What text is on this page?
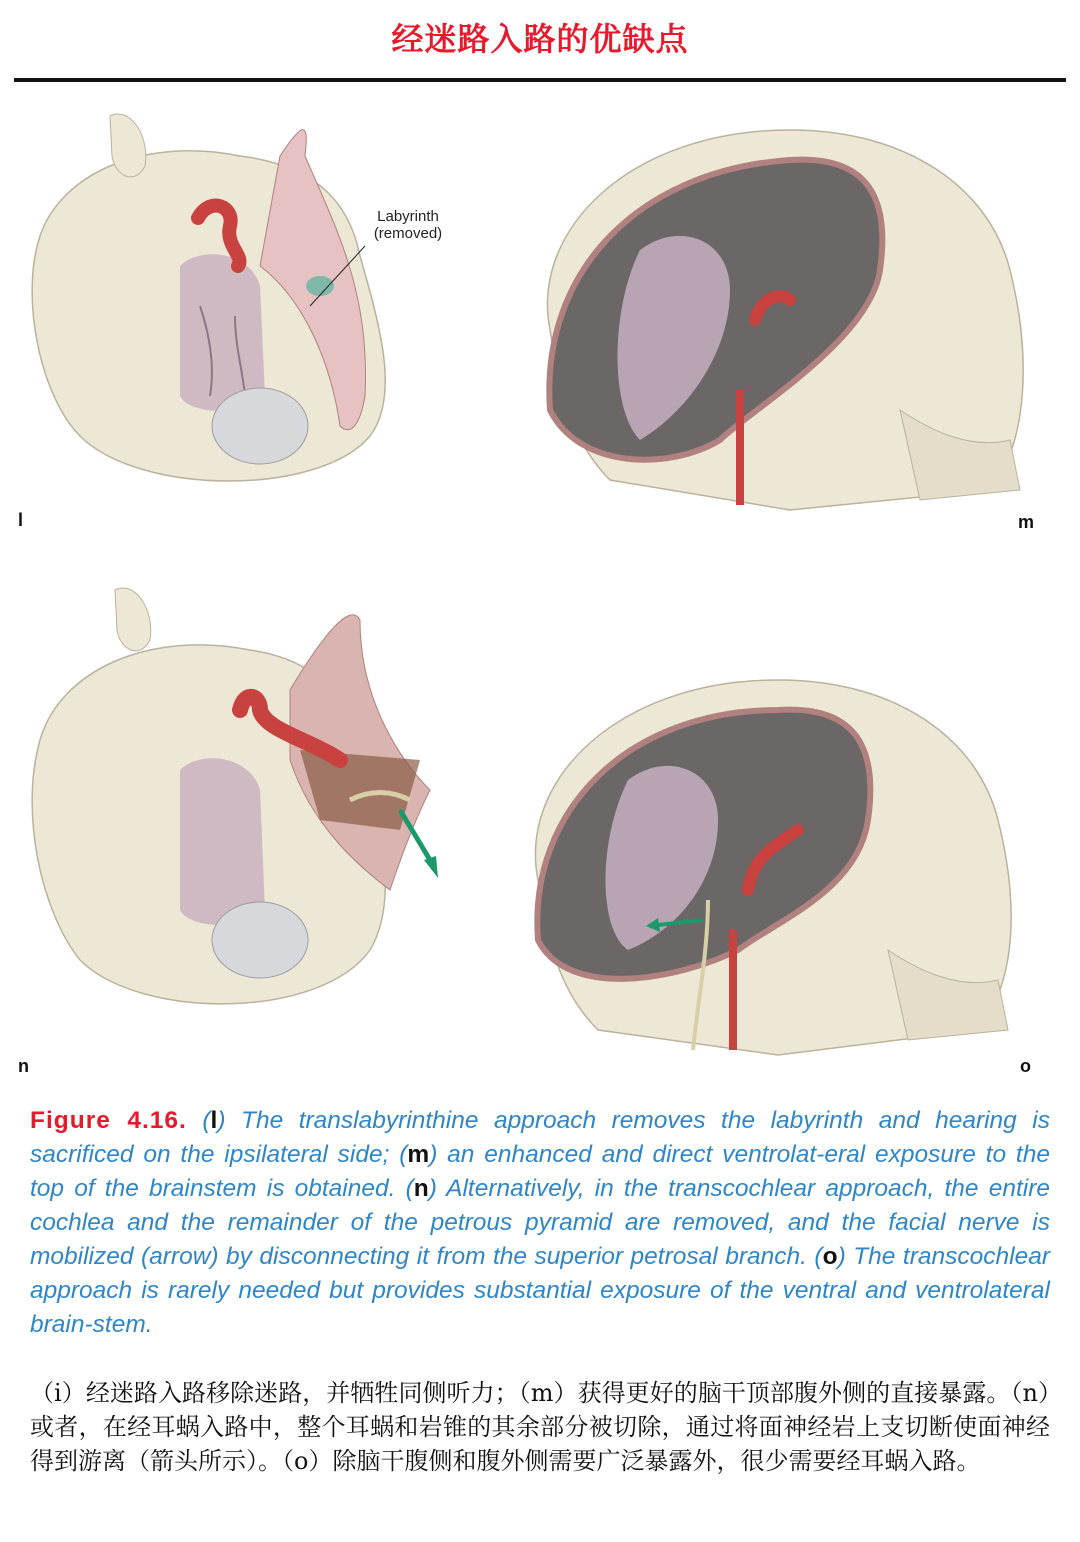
经迷路入路的优缺点
Labyrinth
(removed)
l	m
n	o
Figure 4.16. (l) The translabyrinthine approach removes the labyrinth and hearing is sacrificed on the ipsilateral side; (m) an enhanced and direct ventrolat-eral exposure to the top of the brainstem is obtained. (n) Alternatively, in the transcochlear approach, the entire cochlea and the remainder of the petrous pyramid are removed, and the facial nerve is mobilized (arrow) by disconnecting it from the superior petrosal branch. (o) The transcochlear approach is rarely needed but provides substantial exposure of the ventral and ventrolateral brain-stem.
（i）经迷路入路移除迷路，并牺牲同侧听力；（m）获得更好的脑干顶部腹外侧的直接暴露。（n）或者，在经耳蜗入路中，整个耳蜗和岩锥的其余部分被切除，通过将面神经岩上支切断使面神经得到游离（箭头所示）。（o）除脑干腹侧和腹外侧需要广泛暴露外，很少需要经耳蜗入路。
